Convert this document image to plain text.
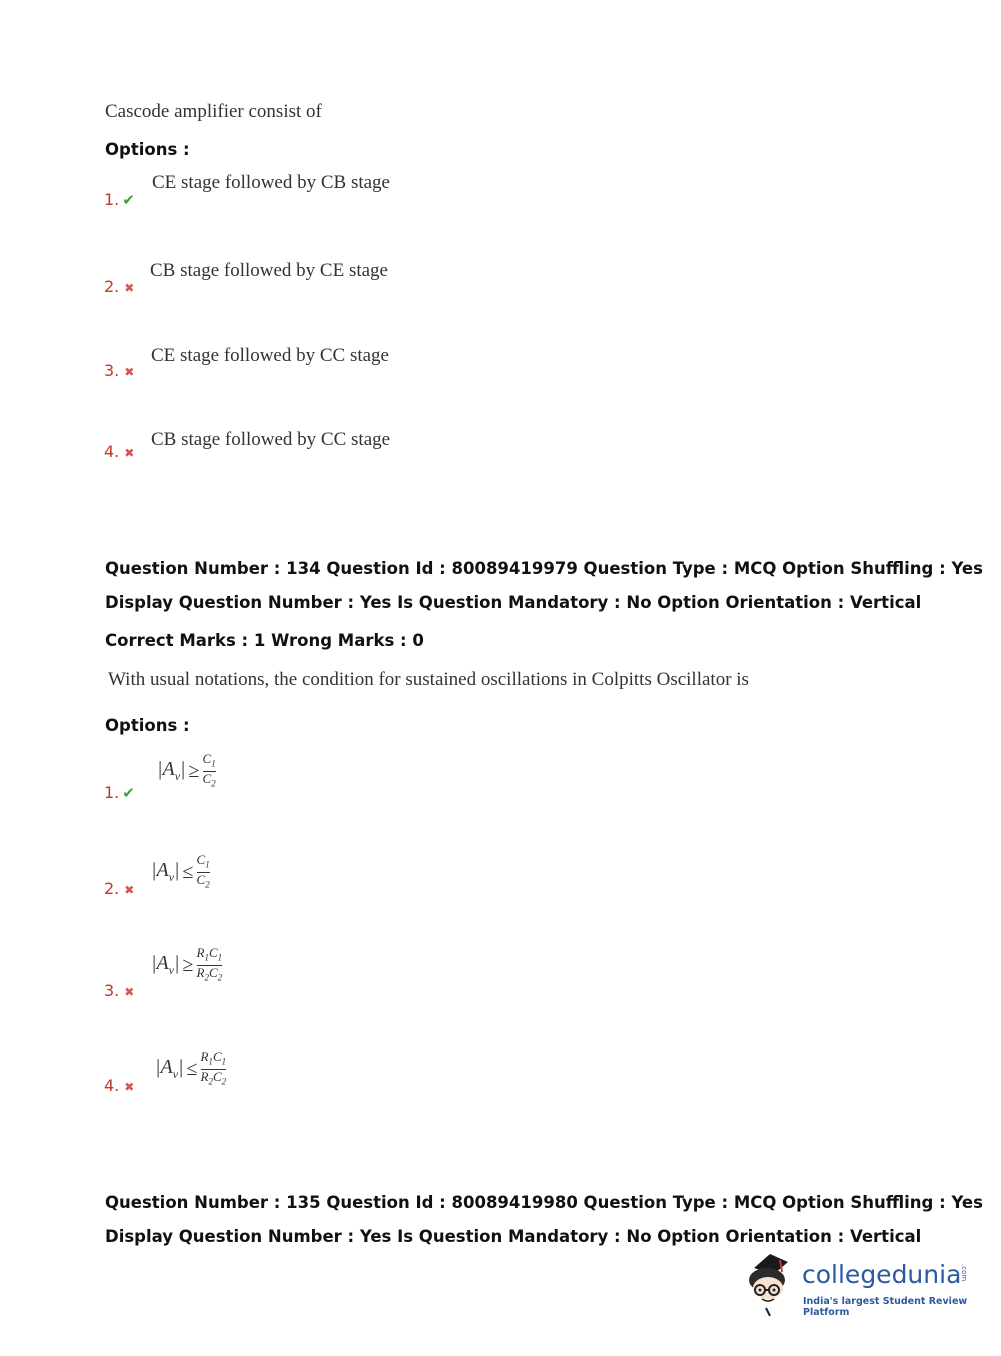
Cascode amplifier consist of
Options :
CE stage followed by CB stage
1. ✔
CB stage followed by CE stage
2. ✖
CE stage followed by CC stage
3. ✖
CB stage followed by CC stage
4. ✖
Question Number : 134 Question Id : 80089419979 Question Type : MCQ Option Shuffling : Yes
Display Question Number : Yes Is Question Mandatory : No Option Orientation : Vertical
Correct Marks : 1 Wrong Marks : 0
With usual notations, the condition for sustained oscillations in Colpitts Oscillator is
Options :
$|A_v| \ge \frac{C_1}{C_2}$
1. ✔
$|A_v| \le \frac{C_1}{C_2}$
2. ✖
$|A_v| \ge \frac{R_1C_1}{R_2C_2}$
3. ✖
$|A_v| \le \frac{R_1C_1}{R_2C_2}$
4. ✖
Question Number : 135 Question Id : 80089419980 Question Type : MCQ Option Shuffling : Yes
Display Question Number : Yes Is Question Mandatory : No Option Orientation : Vertical
collegedunia
.com
India's largest Student Review Platform
